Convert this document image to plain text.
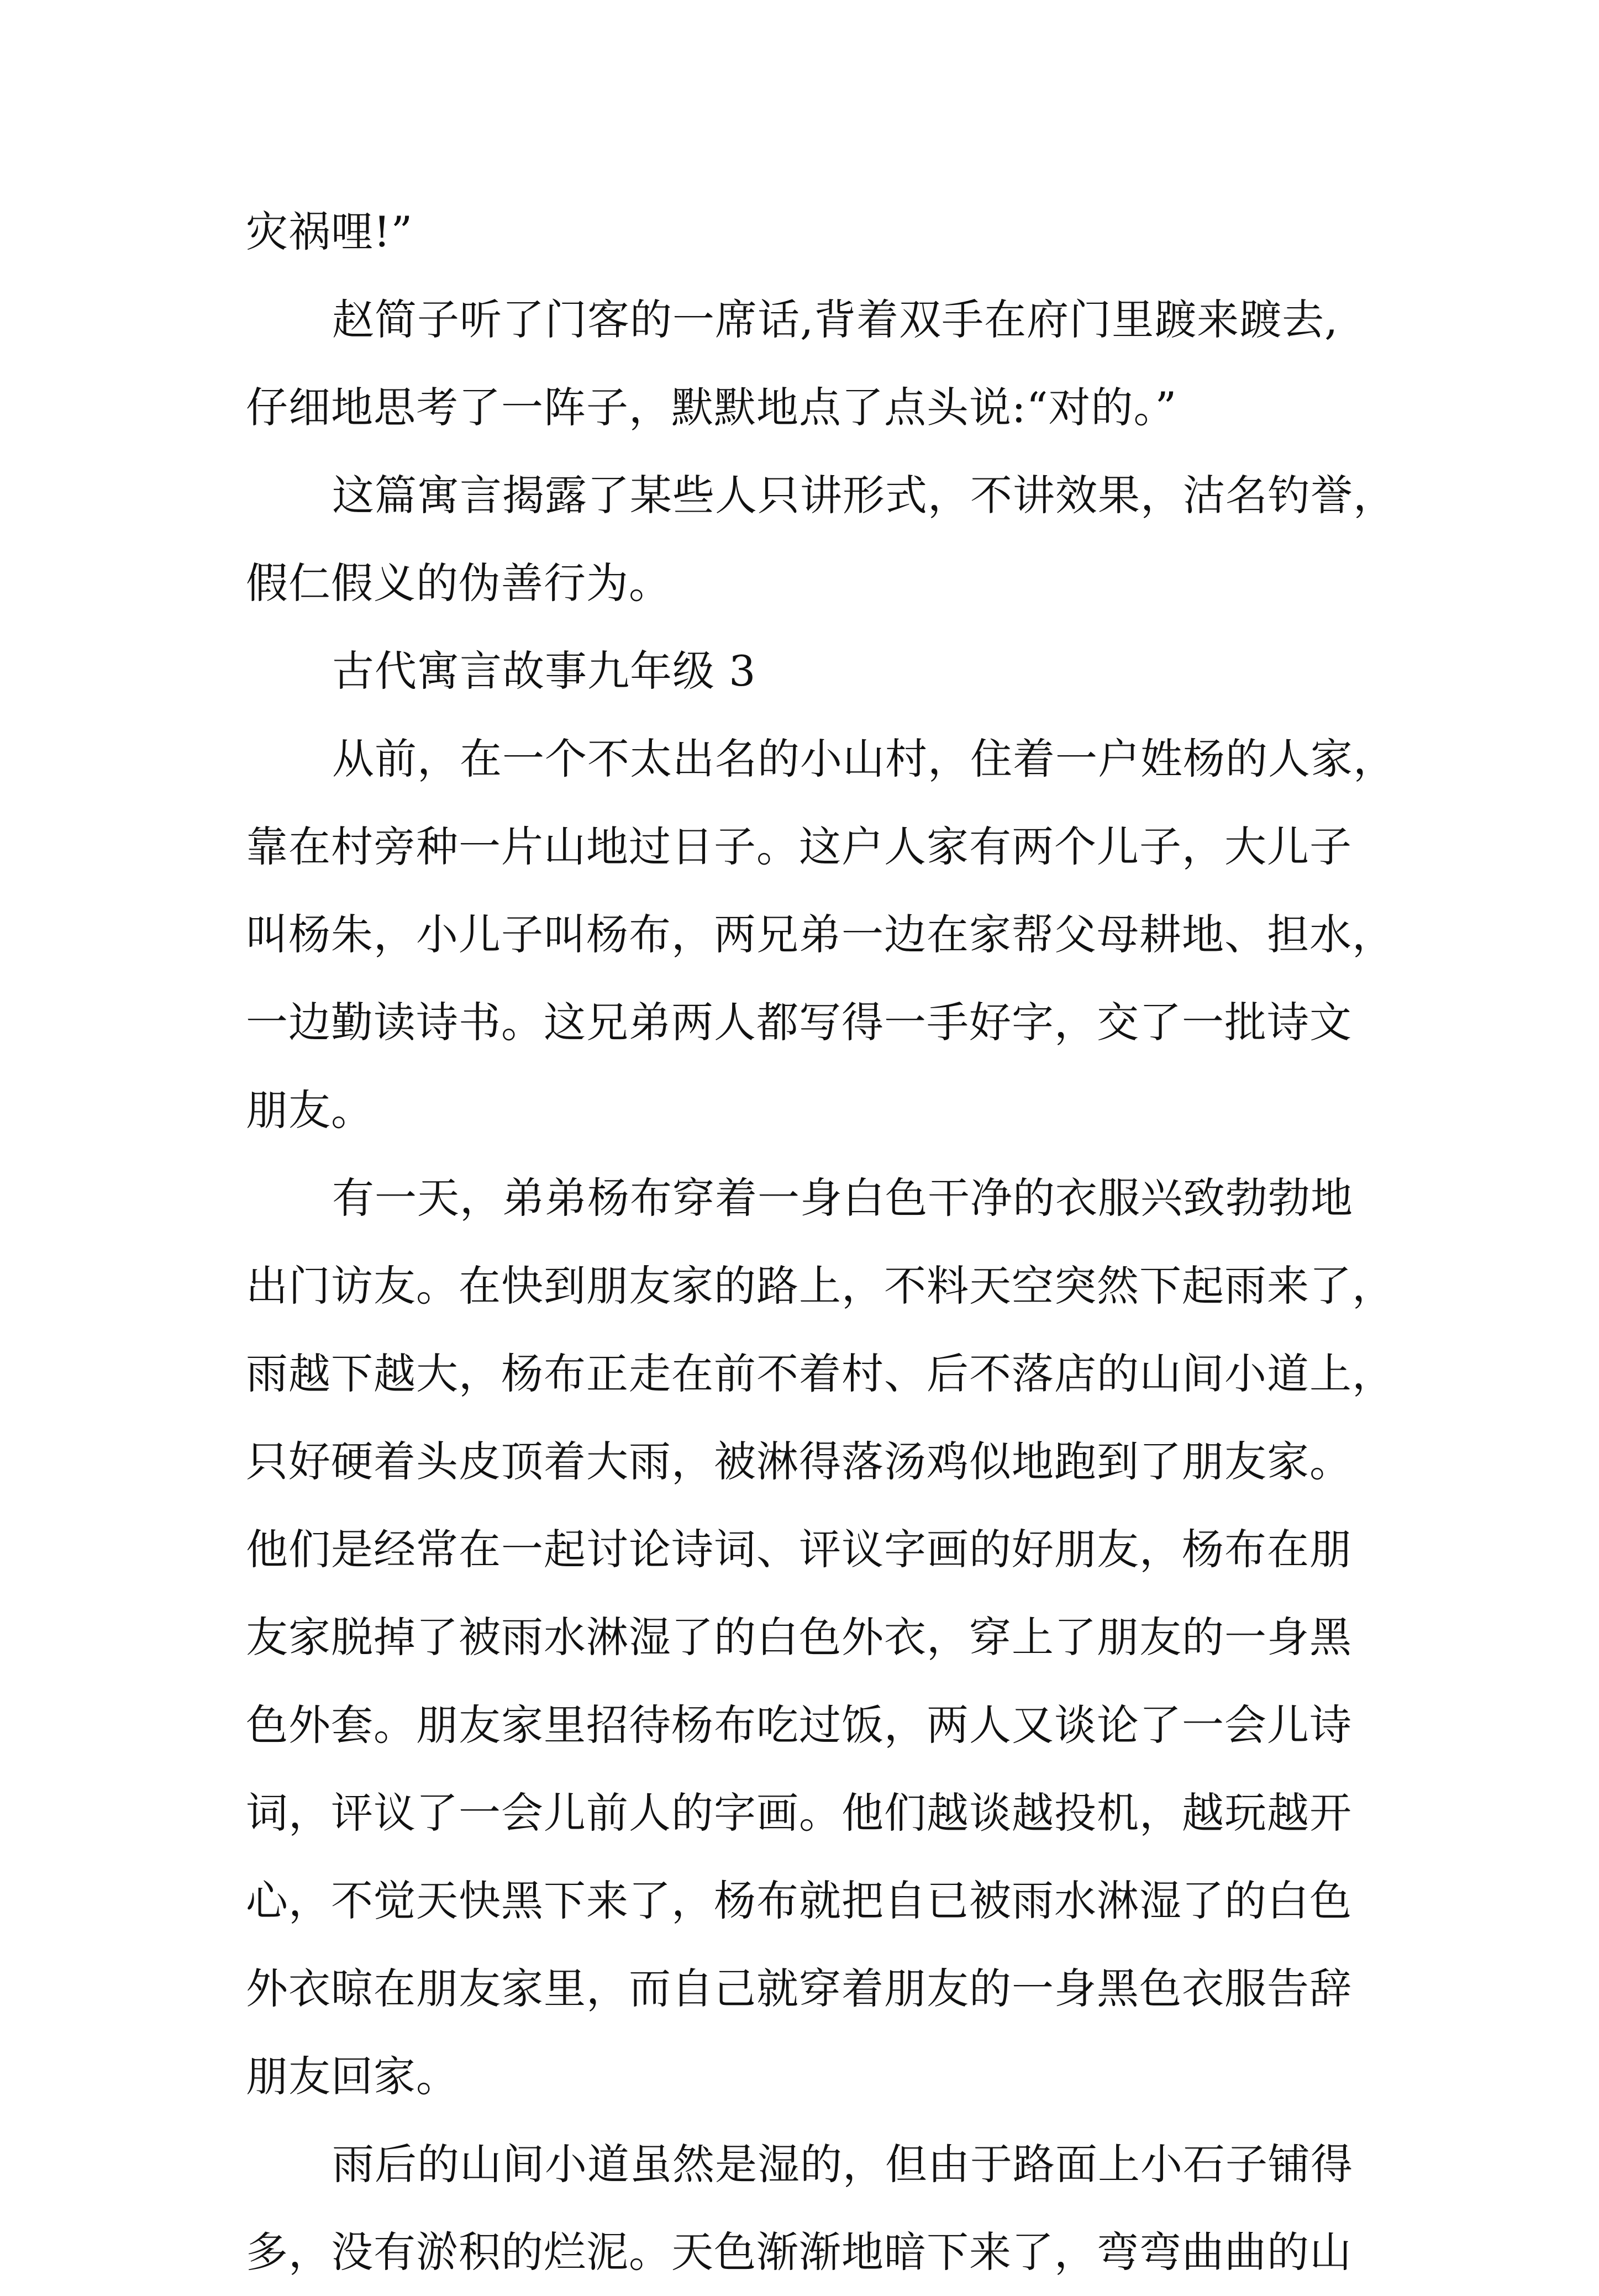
灾祸哩!”
赵简子听了门客的一席话,背着双手在府门里踱来踱去,
仔细地思考了一阵子，默默地点了点头说:“对的。”
这篇寓言揭露了某些人只讲形式，不讲效果，沽名钓誉，
假仁假义的伪善行为。
古代寓言故事九年级 3
从前，在一个不太出名的小山村，住着一户姓杨的人家，
靠在村旁种一片山地过日子。这户人家有两个儿子，大儿子
叫杨朱，小儿子叫杨布，两兄弟一边在家帮父母耕地、担水，
一边勤读诗书。这兄弟两人都写得一手好字，交了一批诗文
朋友。
有一天，弟弟杨布穿着一身白色干净的衣服兴致勃勃地
出门访友。在快到朋友家的路上，不料天空突然下起雨来了，
雨越下越大，杨布正走在前不着村、后不落店的山间小道上，
只好硬着头皮顶着大雨，被淋得落汤鸡似地跑到了朋友家。
他们是经常在一起讨论诗词、评议字画的好朋友，杨布在朋
友家脱掉了被雨水淋湿了的白色外衣，穿上了朋友的一身黑
色外套。朋友家里招待杨布吃过饭，两人又谈论了一会儿诗
词，评议了一会儿前人的字画。他们越谈越投机，越玩越开
心，不觉天快黑下来了，杨布就把自已被雨水淋湿了的白色
外衣晾在朋友家里，而自己就穿着朋友的一身黑色衣服告辞
朋友回家。
雨后的山间小道虽然是湿的，但由于路面上小石子铺得
多，没有淤积的烂泥。天色渐渐地暗下来了，弯弯曲曲的山
